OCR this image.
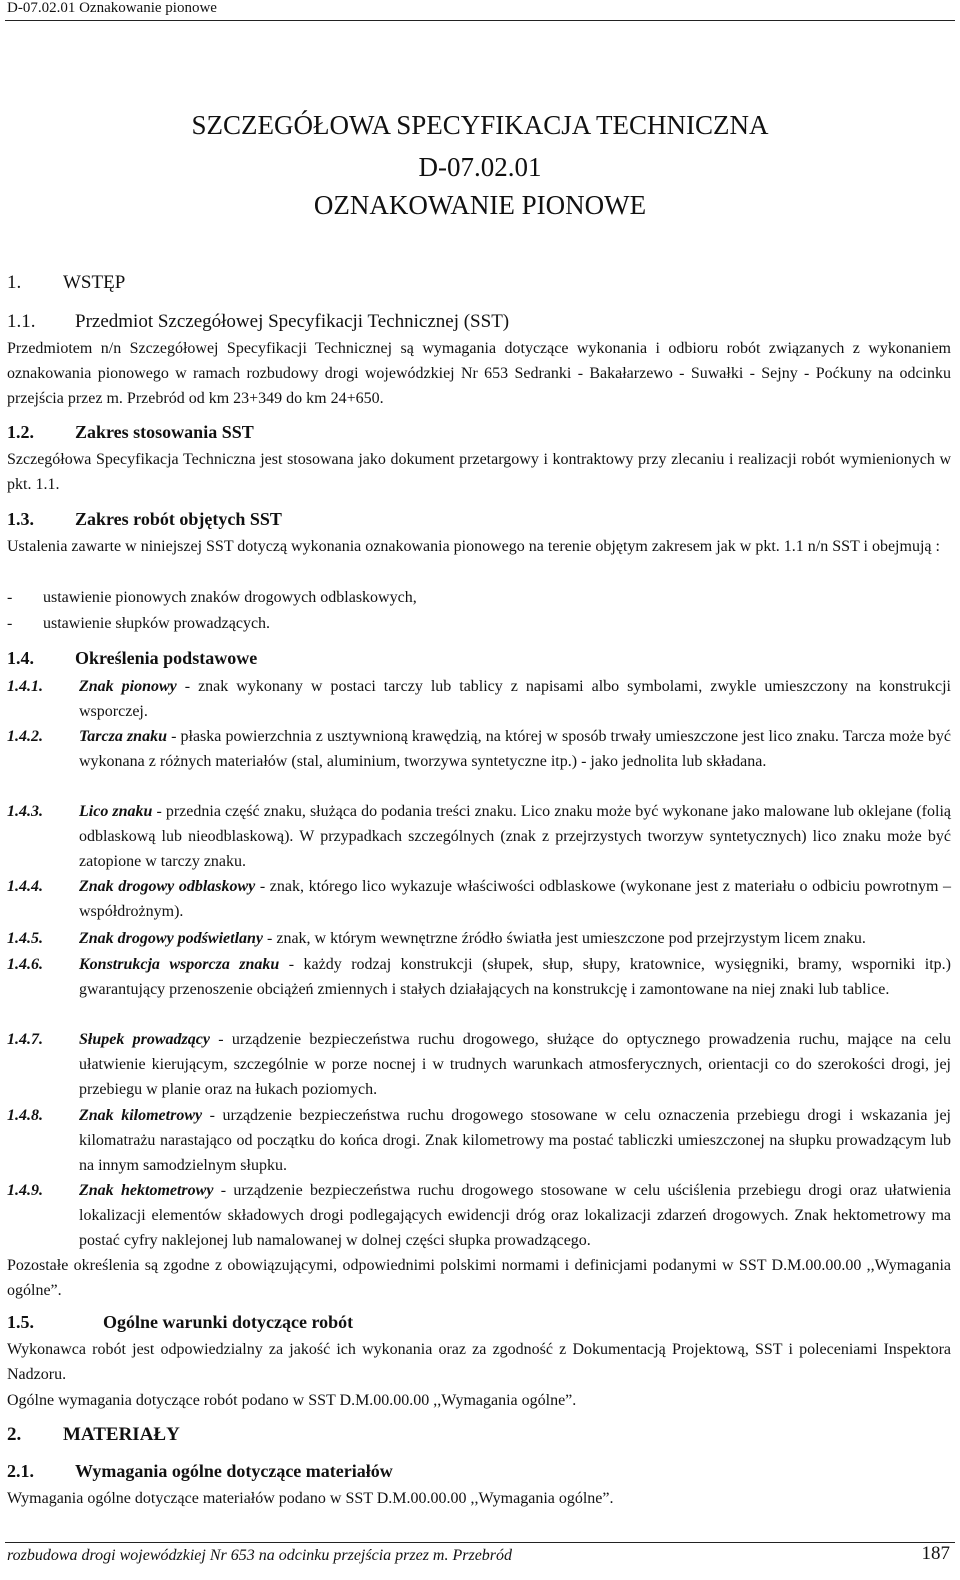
D-07.02.01 Oznakowanie pionowe
SZCZEGÓŁOWA SPECYFIKACJA TECHNICZNA
D-07.02.01
OZNAKOWANIE PIONOWE
1. WSTĘP
1.1. Przedmiot Szczegółowej Specyfikacji Technicznej (SST)
Przedmiotem n/n Szczegółowej Specyfikacji Technicznej są wymagania dotyczące wykonania i odbioru robót związanych z wykonaniem oznakowania pionowego w ramach rozbudowy drogi wojewódzkiej Nr 653 Sedranki - Bakałarzewo - Suwałki - Sejny - Poćkuny na odcinku przejścia przez m. Przebród od km 23+349 do km 24+650.
1.2. Zakres stosowania SST
Szczegółowa Specyfikacja Techniczna jest stosowana jako dokument przetargowy i kontraktowy przy zlecaniu i realizacji robót wymienionych w pkt. 1.1.
1.3. Zakres robót objętych SST
Ustalenia zawarte w niniejszej SST dotyczą wykonania oznakowania pionowego na terenie objętym zakresem jak w pkt. 1.1 n/n SST i obejmują :
- ustawienie pionowych znaków drogowych odblaskowych,
- ustawienie słupków prowadzących.
1.4. Określenia podstawowe
1.4.1. Znak pionowy - znak wykonany w postaci tarczy lub tablicy z napisami albo symbolami, zwykle umieszczony na konstrukcji wsporczej.
1.4.2. Tarcza znaku - płaska powierzchnia z usztywnioną krawędzią, na której w sposób trwały umieszczone jest lico znaku. Tarcza może być wykonana z różnych materiałów (stal, aluminium, tworzywa syntetyczne itp.) - jako jednolita lub składana.
1.4.3. Lico znaku - przednia część znaku, służąca do podania treści znaku. Lico znaku może być wykonane jako malowane lub oklejane (folią odblaskową lub nieodblaskową). W przypadkach szczególnych (znak z przejrzystych tworzyw syntetycznych) lico znaku może być zatopione w tarczy znaku.
1.4.4. Znak drogowy odblaskowy - znak, którego lico wykazuje właściwości odblaskowe (wykonane jest z materiału o odbiciu powrotnym – współdrożnym).
1.4.5. Znak drogowy podświetlany - znak, w którym wewnętrzne źródło światła jest umieszczone pod przejrzystym licem znaku.
1.4.6. Konstrukcja wsporcza znaku - każdy rodzaj konstrukcji (słupek, słup, słupy, kratownice, wysięgniki, bramy, wsporniki itp.) gwarantujący przenoszenie obciążeń zmiennych i stałych działających na konstrukcję i zamontowane na niej znaki lub tablice.
1.4.7. Słupek prowadzący - urządzenie bezpieczeństwa ruchu drogowego, służące do optycznego prowadzenia ruchu, mające na celu ułatwienie kierującym, szczególnie w porze nocnej i w trudnych warunkach atmosferycznych, orientacji co do szerokości drogi, jej przebiegu w planie oraz na łukach poziomych.
1.4.8. Znak kilometrowy - urządzenie bezpieczeństwa ruchu drogowego stosowane w celu oznaczenia przebiegu drogi i wskazania jej kilomatrażu narastająco od początku do końca drogi. Znak kilometrowy ma postać tabliczki umieszczonej na słupku prowadzącym lub na innym samodzielnym słupku.
1.4.9. Znak hektometrowy - urządzenie bezpieczeństwa ruchu drogowego stosowane w celu uściślenia przebiegu drogi oraz ułatwienia lokalizacji elementów składowych drogi podlegających ewidencji dróg oraz lokalizacji zdarzeń drogowych. Znak hektometrowy ma postać cyfry naklejonej lub namalowanej w dolnej części słupka prowadzącego.
Pozostałe określenia są zgodne z obowiązującymi, odpowiednimi polskimi normami i definicjami podanymi w SST D.M.00.00.00 ,,Wymagania ogólne”.
1.5.	Ogólne warunki dotyczące robót
Wykonawca robót jest odpowiedzialny za jakość ich wykonania oraz za zgodność z Dokumentacją Projektową, SST i poleceniami Inspektora Nadzoru.
Ogólne wymagania dotyczące robót podano w SST D.M.00.00.00 ,,Wymagania ogólne”.
2. MATERIAŁY
2.1. Wymagania ogólne dotyczące materiałów
Wymagania ogólne dotyczące materiałów podano w SST D.M.00.00.00 ,,Wymagania ogólne”.
rozbudowa drogi wojewódzkiej Nr 653 na odcinku przejścia przez m. Przebród	187
